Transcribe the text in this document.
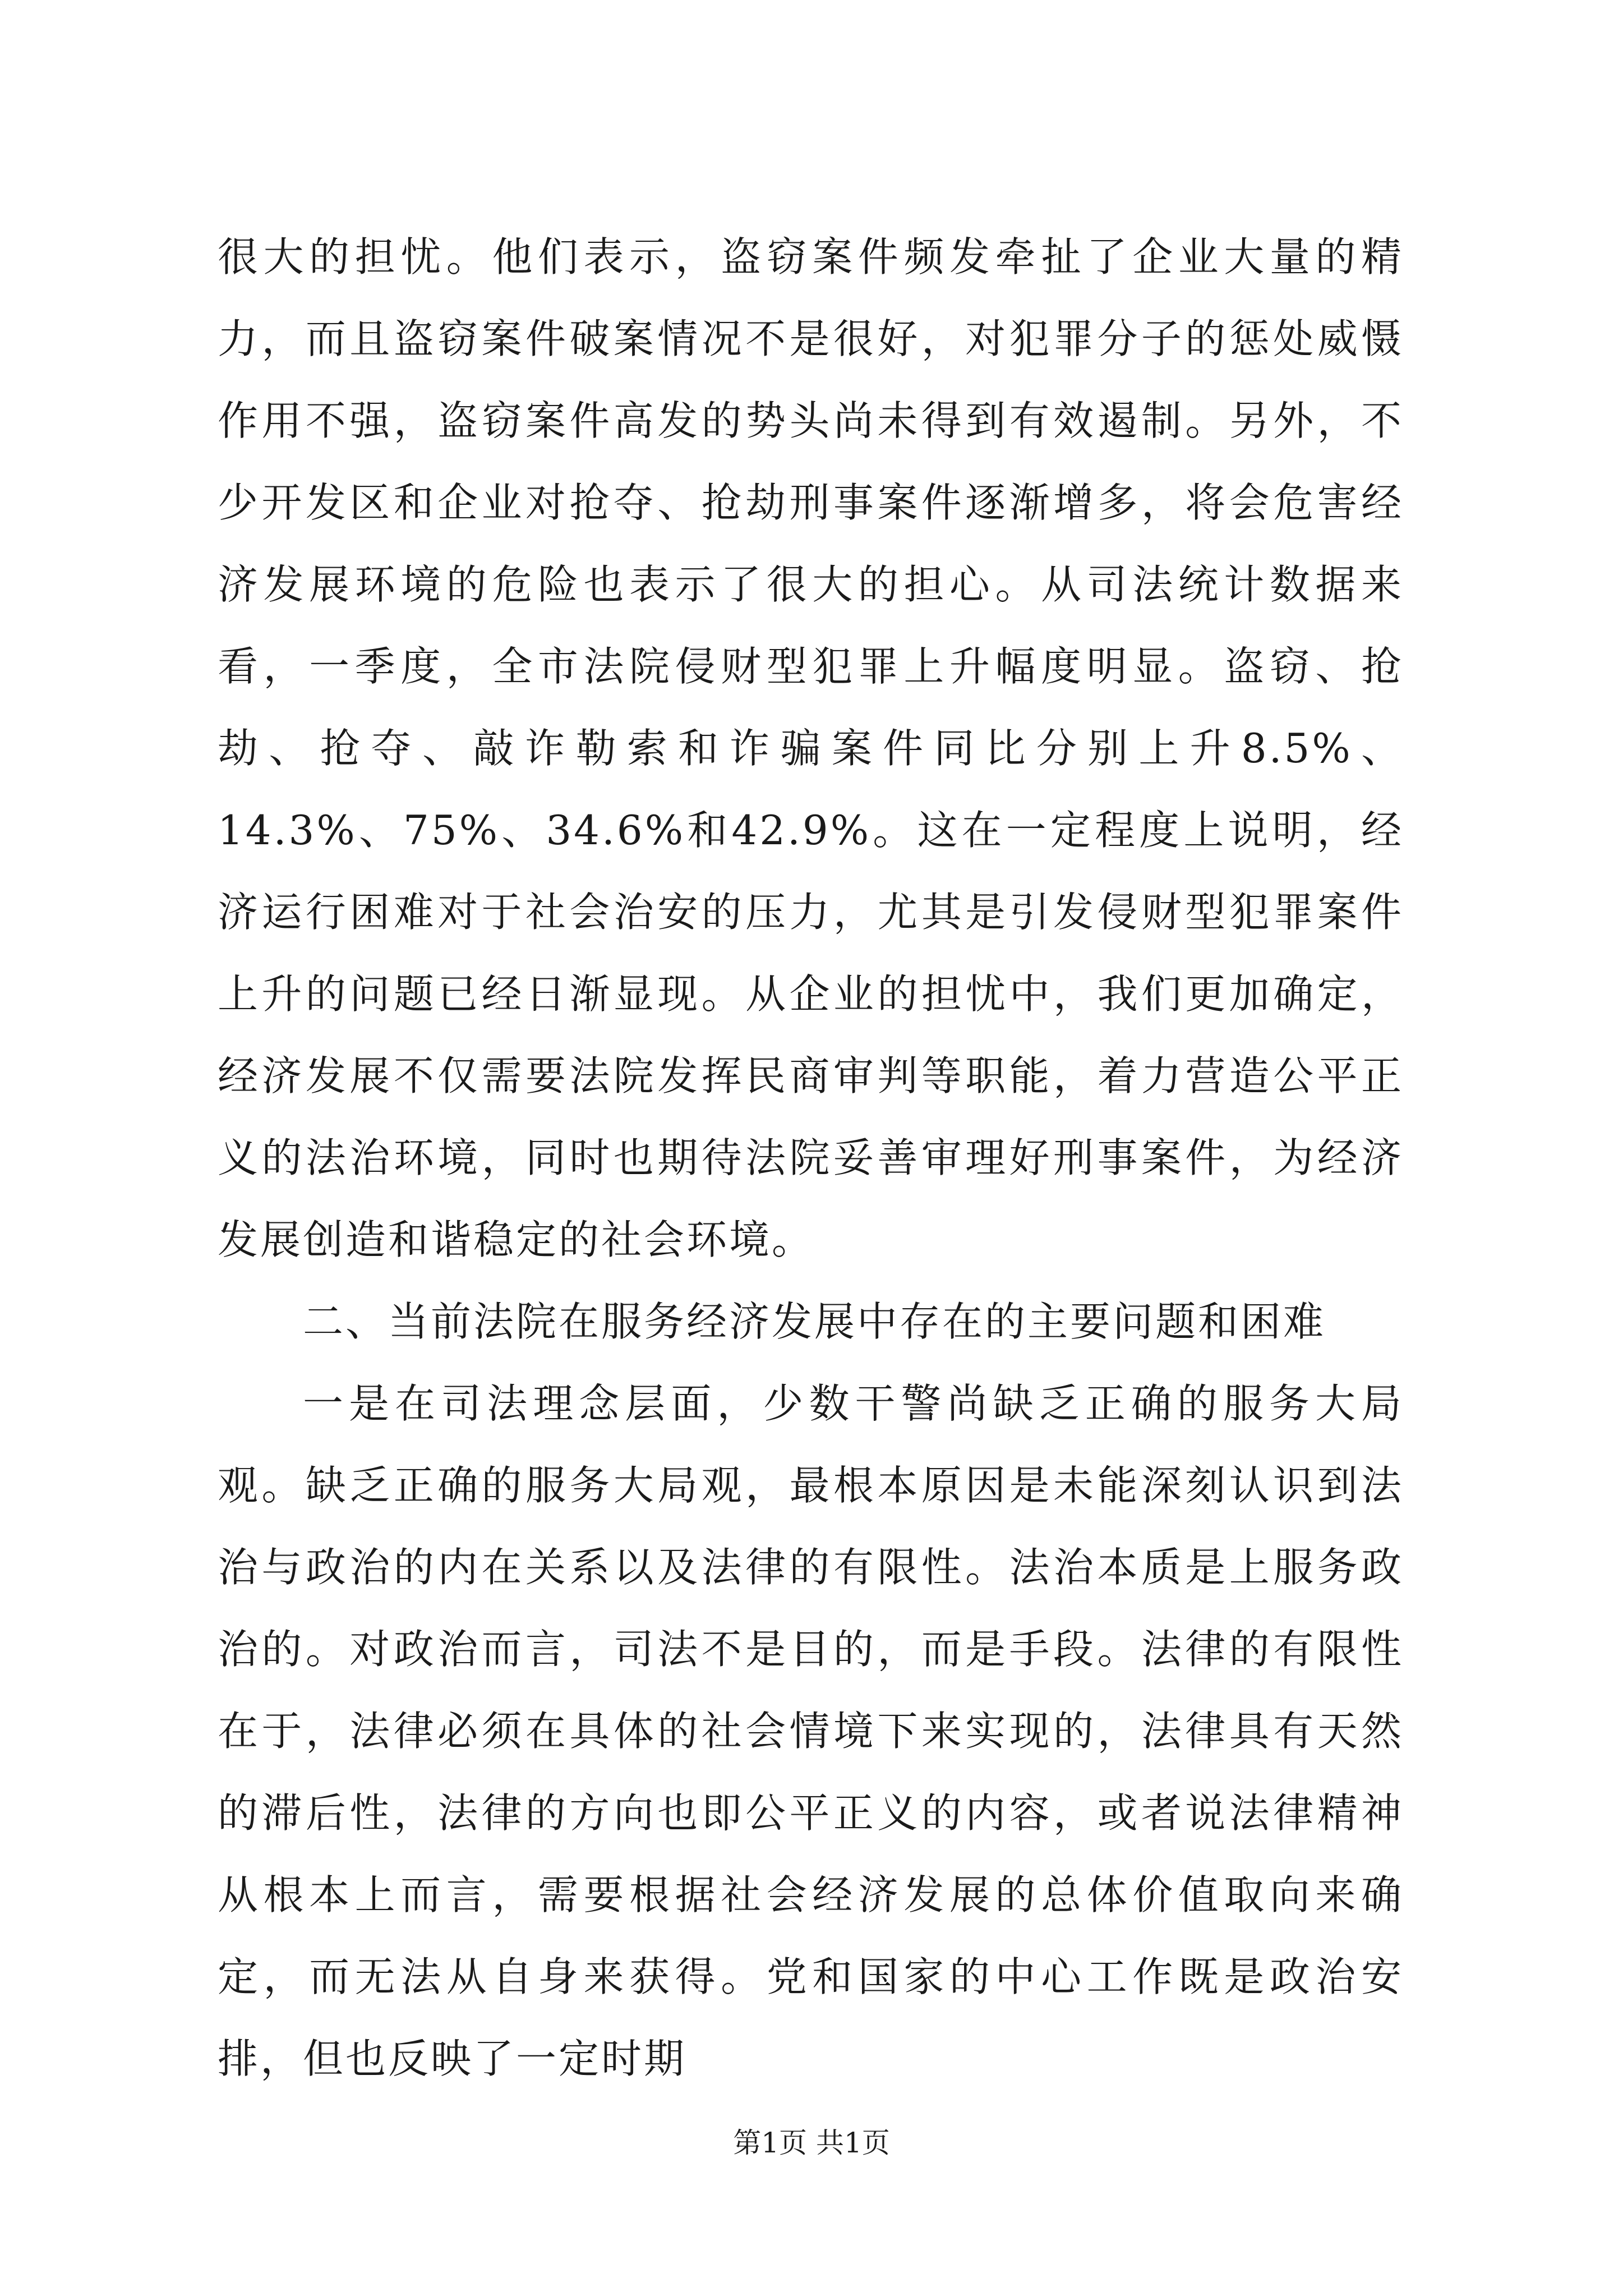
很大的担忧。他们表示，盗窃案件频发牵扯了企业大量的精力，而且盗窃案件破案情况不是很好，对犯罪分子的惩处威慑作用不强，盗窃案件高发的势头尚未得到有效遏制。另外，不少开发区和企业对抢夺、抢劫刑事案件逐渐增多，将会危害经济发展环境的危险也表示了很大的担心。从司法统计数据来看，一季度，全市法院侵财型犯罪上升幅度明显。盗窃、抢劫、抢夺、敲诈勒索和诈骗案件同比分别上升8.5%、14.3%、75%、34.6%和42.9%。这在一定程度上说明，经济运行困难对于社会治安的压力，尤其是引发侵财型犯罪案件上升的问题已经日渐显现。从企业的担忧中，我们更加确定，经济发展不仅需要法院发挥民商审判等职能，着力营造公平正义的法治环境，同时也期待法院妥善审理好刑事案件，为经济发展创造和谐稳定的社会环境。

二、当前法院在服务经济发展中存在的主要问题和困难

一是在司法理念层面，少数干警尚缺乏正确的服务大局观。缺乏正确的服务大局观，最根本原因是未能深刻认识到法治与政治的内在关系以及法律的有限性。法治本质是上服务政治的。对政治而言，司法不是目的，而是手段。法律的有限性在于，法律必须在具体的社会情境下来实现的，法律具有天然的滞后性，法律的方向也即公平正义的内容，或者说法律精神从根本上而言，需要根据社会经济发展的总体价值取向来确定，而无法从自身来获得。党和国家的中心工作既是政治安排，但也反映了一定时期

第1页 共1页
